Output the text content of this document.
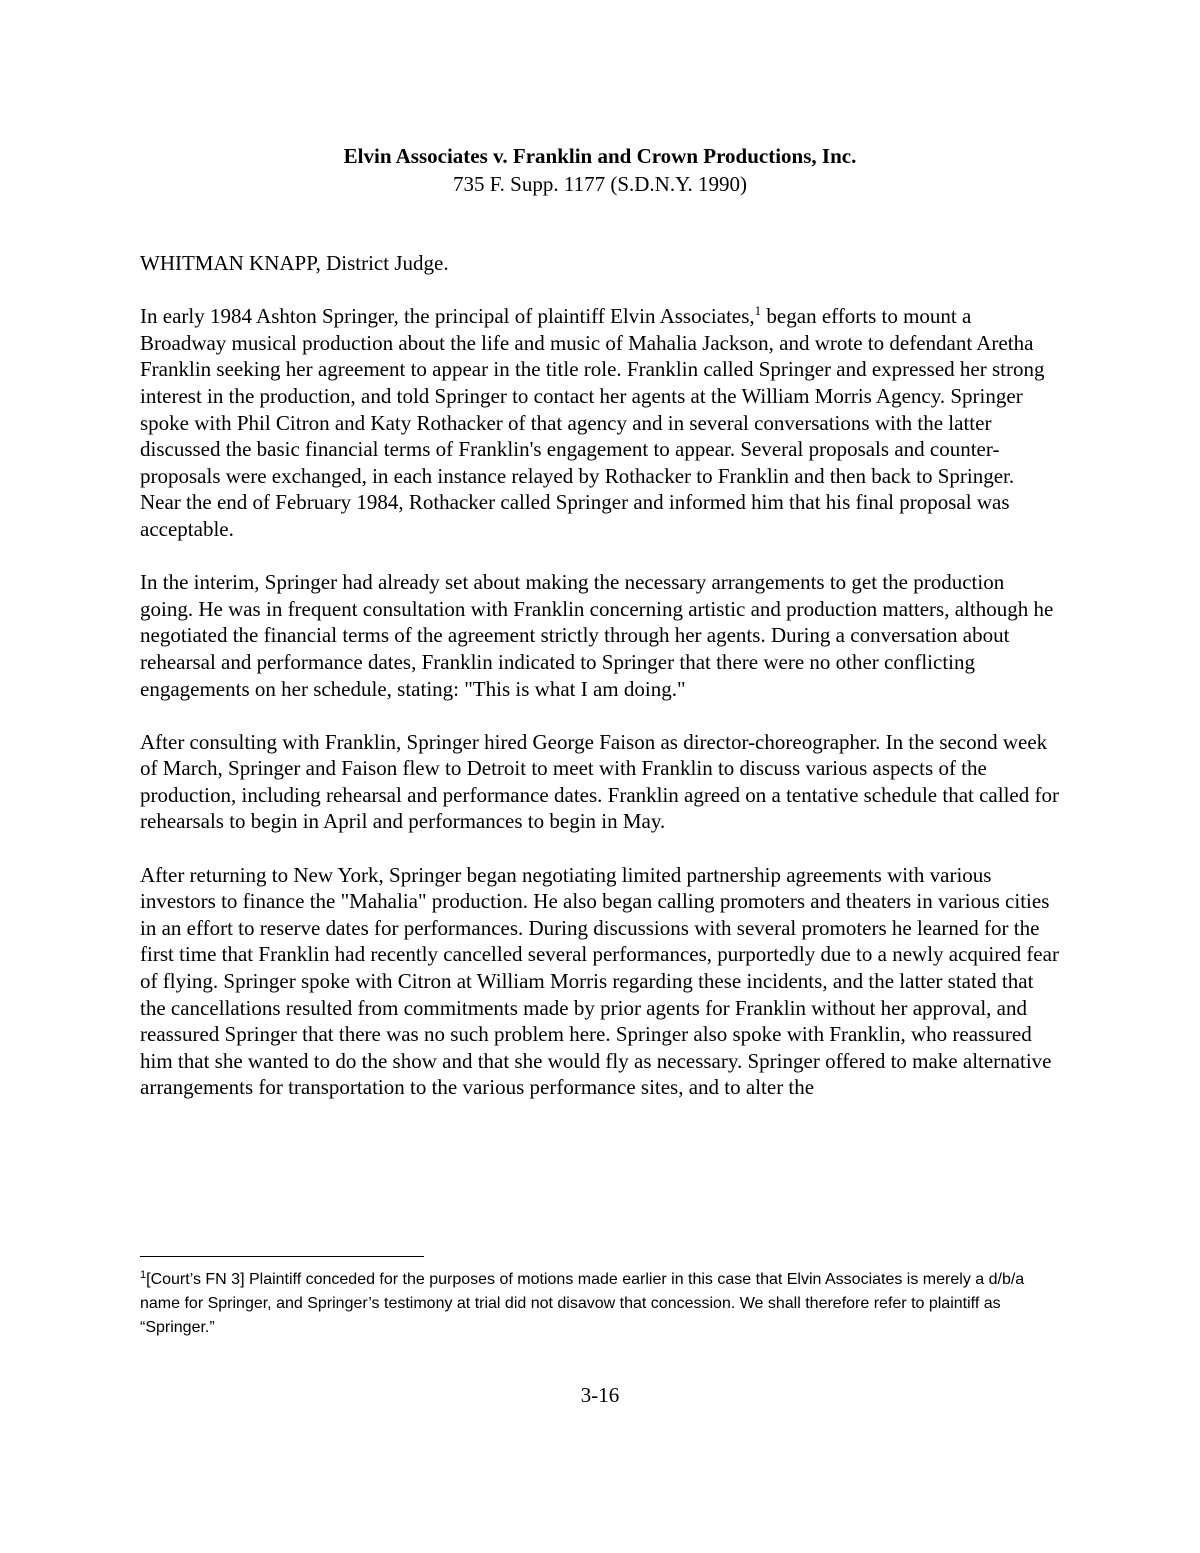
Elvin Associates v. Franklin and Crown Productions, Inc.
735 F. Supp. 1177 (S.D.N.Y. 1990)

WHITMAN KNAPP, District Judge.

In early 1984 Ashton Springer, the principal of plaintiff Elvin Associates,$^1$ began efforts to mount a Broadway musical production about the life and music of Mahalia Jackson, and wrote to defendant Aretha Franklin seeking her agreement to appear in the title role. Franklin called Springer and expressed her strong interest in the production, and told Springer to contact her agents at the William Morris Agency. Springer spoke with Phil Citron and Katy Rothacker of that agency and in several conversations with the latter discussed the basic financial terms of Franklin's engagement to appear. Several proposals and counter-proposals were exchanged, in each instance relayed by Rothacker to Franklin and then back to Springer. Near the end of February 1984, Rothacker called Springer and informed him that his final proposal was acceptable.

In the interim, Springer had already set about making the necessary arrangements to get the production going. He was in frequent consultation with Franklin concerning artistic and production matters, although he negotiated the financial terms of the agreement strictly through her agents. During a conversation about rehearsal and performance dates, Franklin indicated to Springer that there were no other conflicting engagements on her schedule, stating: "This is what I am doing."

After consulting with Franklin, Springer hired George Faison as director-choreographer. In the second week of March, Springer and Faison flew to Detroit to meet with Franklin to discuss various aspects of the production, including rehearsal and performance dates. Franklin agreed on a tentative schedule that called for rehearsals to begin in April and performances to begin in May.

After returning to New York, Springer began negotiating limited partnership agreements with various investors to finance the "Mahalia" production. He also began calling promoters and theaters in various cities in an effort to reserve dates for performances. During discussions with several promoters he learned for the first time that Franklin had recently cancelled several performances, purportedly due to a newly acquired fear of flying. Springer spoke with Citron at William Morris regarding these incidents, and the latter stated that the cancellations resulted from commitments made by prior agents for Franklin without her approval, and reassured Springer that there was no such problem here. Springer also spoke with Franklin, who reassured him that she wanted to do the show and that she would fly as necessary. Springer offered to make alternative arrangements for transportation to the various performance sites, and to alter the

$^1$[Court’s FN 3] Plaintiff conceded for the purposes of motions made earlier in this case that Elvin Associates is merely a d/b/a name for Springer, and Springer’s testimony at trial did not disavow that concession. We shall therefore refer to plaintiff as “Springer.”
3-16
